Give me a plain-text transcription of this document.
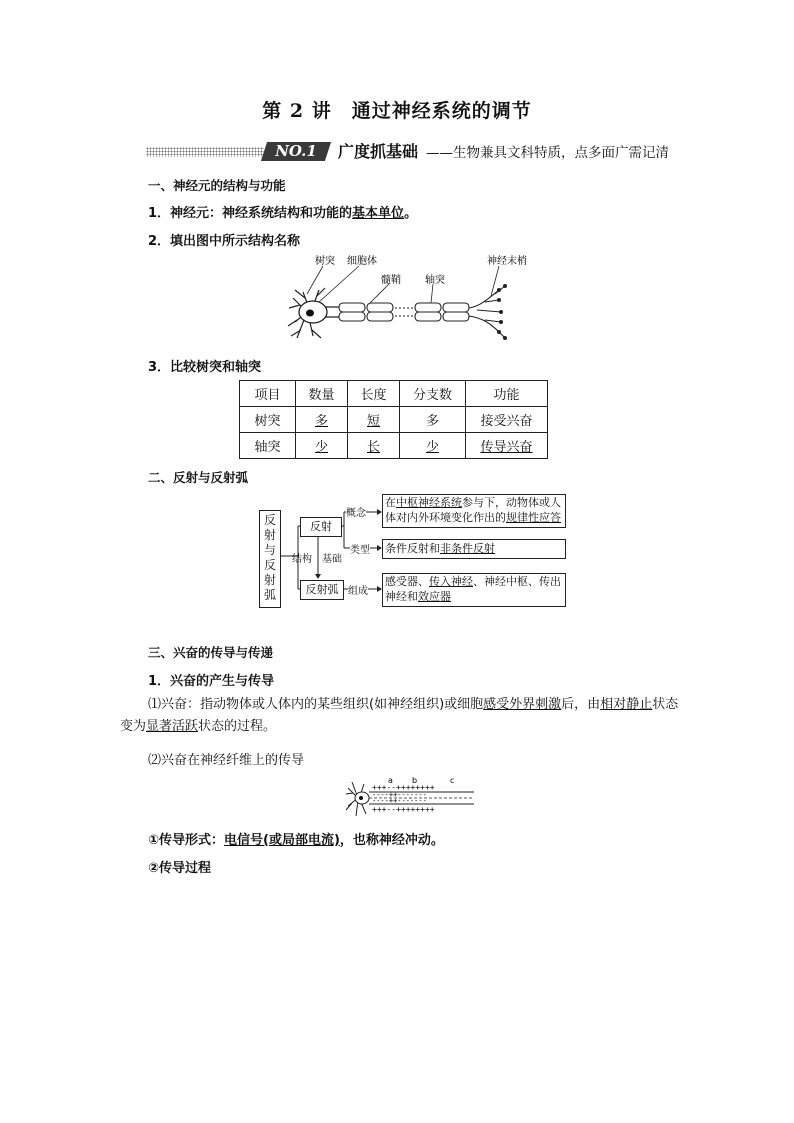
第 2 讲　通过神经系统的调节
NO.1	广度抓基础 ——生物兼具文科特质，点多面广需记清
一、神经元的结构与功能
1．神经元：神经系统结构和功能的基本单位。
2．填出图中所示结构名称
树突 细胞体
髓鞘 轴突
神经末梢
3．比较树突和轴突
项目	数量	长度	分支数	功能
树突	多	短	多	接受兴奋
轴突	少	长	少	传导兴奋
二、反射与反射弧
反射与反射弧
反射
反射弧
结构　基础
概念
类型
组成
在中枢神经系统参与下，动物体或人体对内外环境变化作出的规律性应答
条件反射和非条件反射
感受器、传入神经、神经中枢、传出神经和效应器
三、兴奋的传导与传递
1．兴奋的产生与传导
⑴兴奋：指动物体或人体内的某些组织(如神经组织)或细胞感受外界刺激后，由相对静止状态变为显著活跃状态的过程。
⑵兴奋在神经纤维上的传导
+++--++++++++
+++--++++++++
----++-------
----++-------
a b	c
①传导形式：电信号(或局部电流)，也称神经冲动。
②传导过程
